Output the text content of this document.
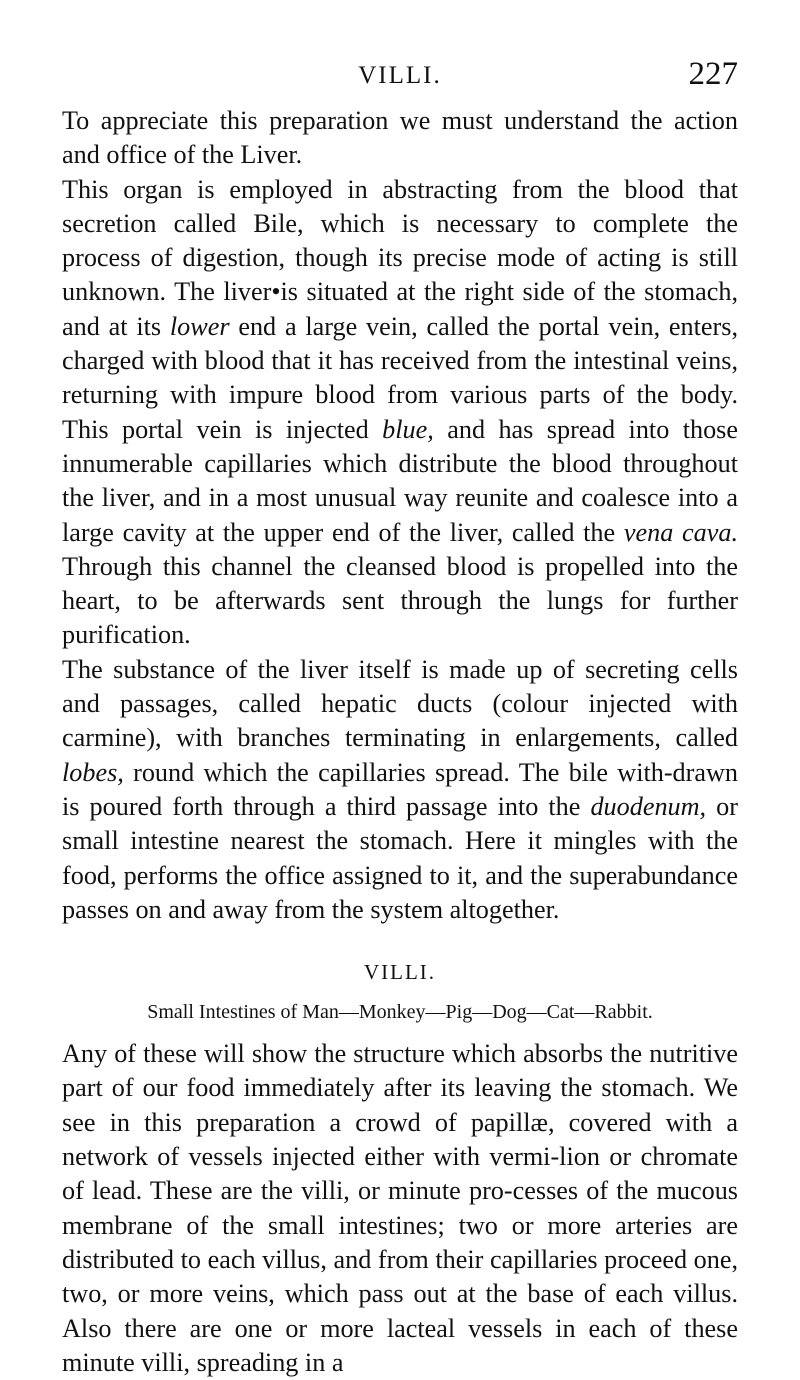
VILLI.	227

To appreciate this preparation we must understand the action and office of the Liver.

This organ is employed in abstracting from the blood that secretion called Bile, which is necessary to complete the process of digestion, though its precise mode of acting is still unknown. The liver•is situated at the right side of the stomach, and at its lower end a large vein, called the portal vein, enters, charged with blood that it has received from the intestinal veins, returning with impure blood from various parts of the body. This portal vein is injected blue, and has spread into those innumerable capillaries which distribute the blood throughout the liver, and in a most unusual way reunite and coalesce into a large cavity at the upper end of the liver, called the vena cava. Through this channel the cleansed blood is propelled into the heart, to be afterwards sent through the lungs for further purification.

The substance of the liver itself is made up of secreting cells and passages, called hepatic ducts (colour injected with carmine), with branches terminating in enlargements, called lobes, round which the capillaries spread. The bile with-drawn is poured forth through a third passage into the duodenum, or small intestine nearest the stomach. Here it mingles with the food, performs the office assigned to it, and the superabundance passes on and away from the system altogether.

VILLI.
Small Intestines of Man—Monkey—Pig—Dog—Cat—Rabbit.

Any of these will show the structure which absorbs the nutritive part of our food immediately after its leaving the stomach. We see in this preparation a crowd of papillæ, covered with a network of vessels injected either with vermi-lion or chromate of lead. These are the villi, or minute pro-cesses of the mucous membrane of the small intestines; two or more arteries are distributed to each villus, and from their capillaries proceed one, two, or more veins, which pass out at the base of each villus. Also there are one or more lacteal vessels in each of these minute villi, spreading in a
